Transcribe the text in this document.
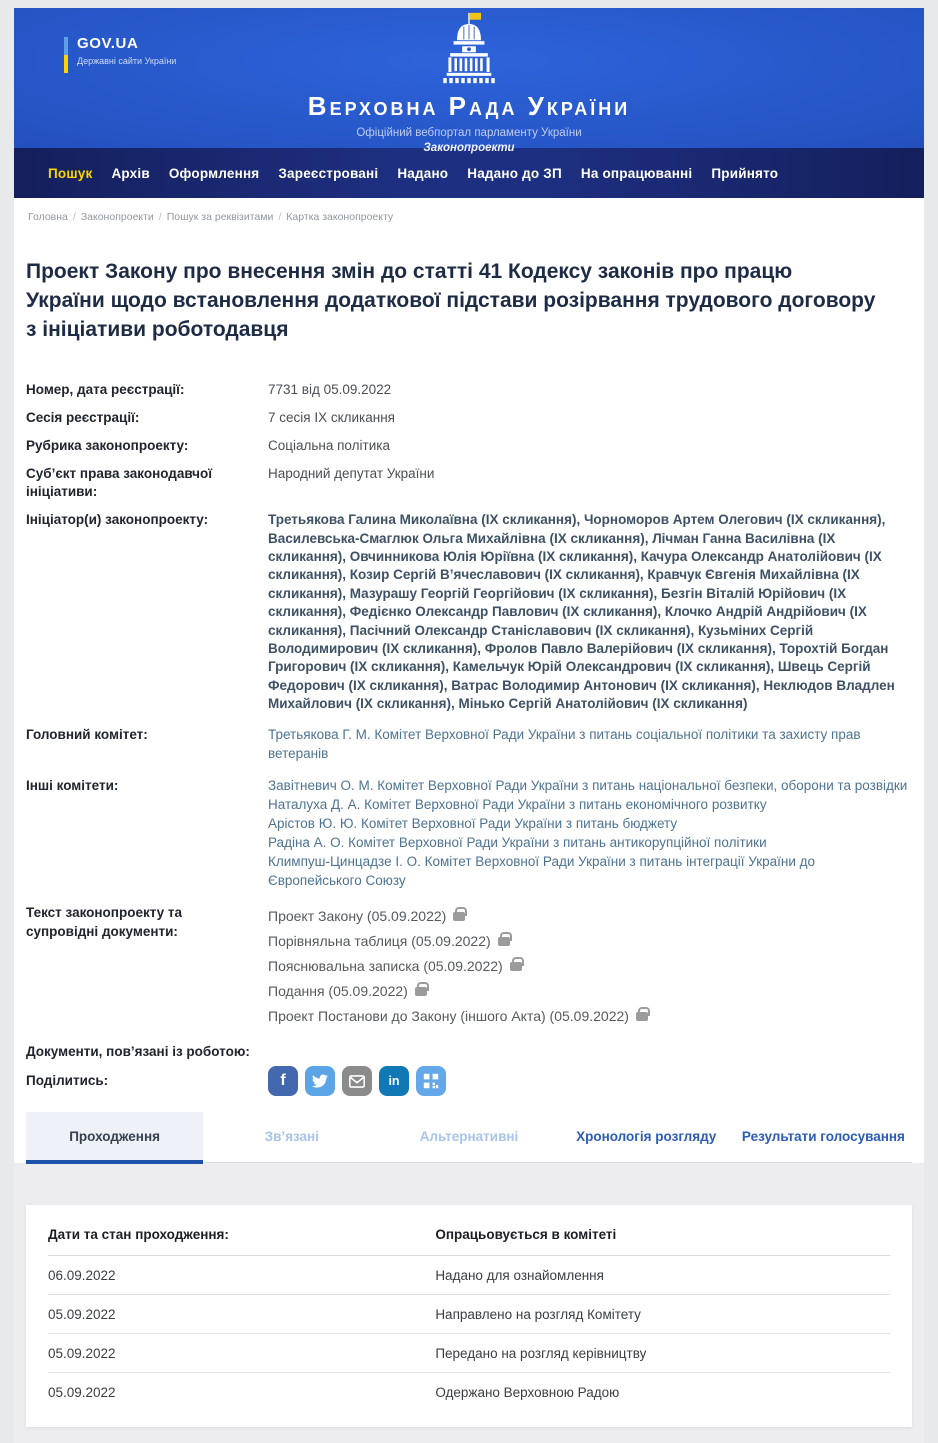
GOV.UA
Державні сайти України
Верховна Рада України
Офіційний вебпортал парламенту України
Законопроекти
Пошук Архів Оформлення Зареєстровані Надано Надано до ЗП На опрацюванні Прийнято
Головна / Законопроекти / Пошук за реквізитами / Картка законопроекту
Проект Закону про внесення змін до статті 41 Кодексу законів про працю України щодо встановлення додаткової підстави розірвання трудового договору з ініціативи роботодавця
Номер, дата реєстрації:	7731 від 05.09.2022
Сесія реєстрації:	7 сесія IX скликання
Рубрика законопроекту:	Соціальна політика
Суб’єкт права законодавчої ініціативи:
Народний депутат України
Ініціатор(и) законопроекту:	Третьякова Галина Миколаївна (IX скликання), Чорноморов Артем Олегович (IX скликання), Василевська-Смаглюк Ольга Михайлівна (IX скликання), Лічман Ганна Василівна (IX скликання), Овчинникова Юлія Юріївна (IX скликання), Качура Олександр Анатолійович (IX скликання), Козир Сергій В’ячеславович (IX скликання), Кравчук Євгенія Михайлівна (IX скликання), Мазурашу Георгій Георгійович (IX скликання), Безгін Віталій Юрійович (IX скликання), Федієнко Олександр Павлович (IX скликання), Клочко Андрій Андрійович (IX скликання), Пасічний Олександр Станіславович (IX скликання), Кузьміних Сергій Володимирович (IX скликання), Фролов Павло Валерійович (IX скликання), Торохтій Богдан Григорович (IX скликання), Камельчук Юрій Олександрович (IX скликання), Швець Сергій Федорович (IX скликання), Ватрас Володимир Антонович (IX скликання), Неклюдов Владлен Михайлович (IX скликання), Мінько Сергій Анатолійович (IX скликання)
Головний комітет:	Третьякова Г. М. Комітет Верховної Ради України з питань соціальної політики та захисту прав ветеранів
Інші комітети:	Завітневич О. М. Комітет Верховної Ради України з питань національної безпеки, оборони та розвідки
Наталуха Д. А. Комітет Верховної Ради України з питань економічного розвитку
Арістов Ю. Ю. Комітет Верховної Ради України з питань бюджету
Радіна А. О. Комітет Верховної Ради України з питань антикорупційної політики
Климпуш-Цинцадзе І. О. Комітет Верховної Ради України з питань інтеграції України до Європейського Союзу
Текст законопроекту та супровідні документи:
Проект Закону (05.09.2022)
Порівняльна таблиця (05.09.2022)
Пояснювальна записка (05.09.2022)
Подання (05.09.2022)
Проект Постанови до Закону (іншого Акта) (05.09.2022)
Документи, пов’язані із роботою:
Поділитись:	f	in
Проходження	Зв’язані	Альтернативні	Хронологія розгляду	Результати голосування
Дати та стан проходження:	Опрацьовується в комітеті
06.09.2022	Надано для ознайомлення
05.09.2022	Направлено на розгляд Комітету
05.09.2022	Передано на розгляд керівництву
05.09.2022	Одержано Верховною Радою
